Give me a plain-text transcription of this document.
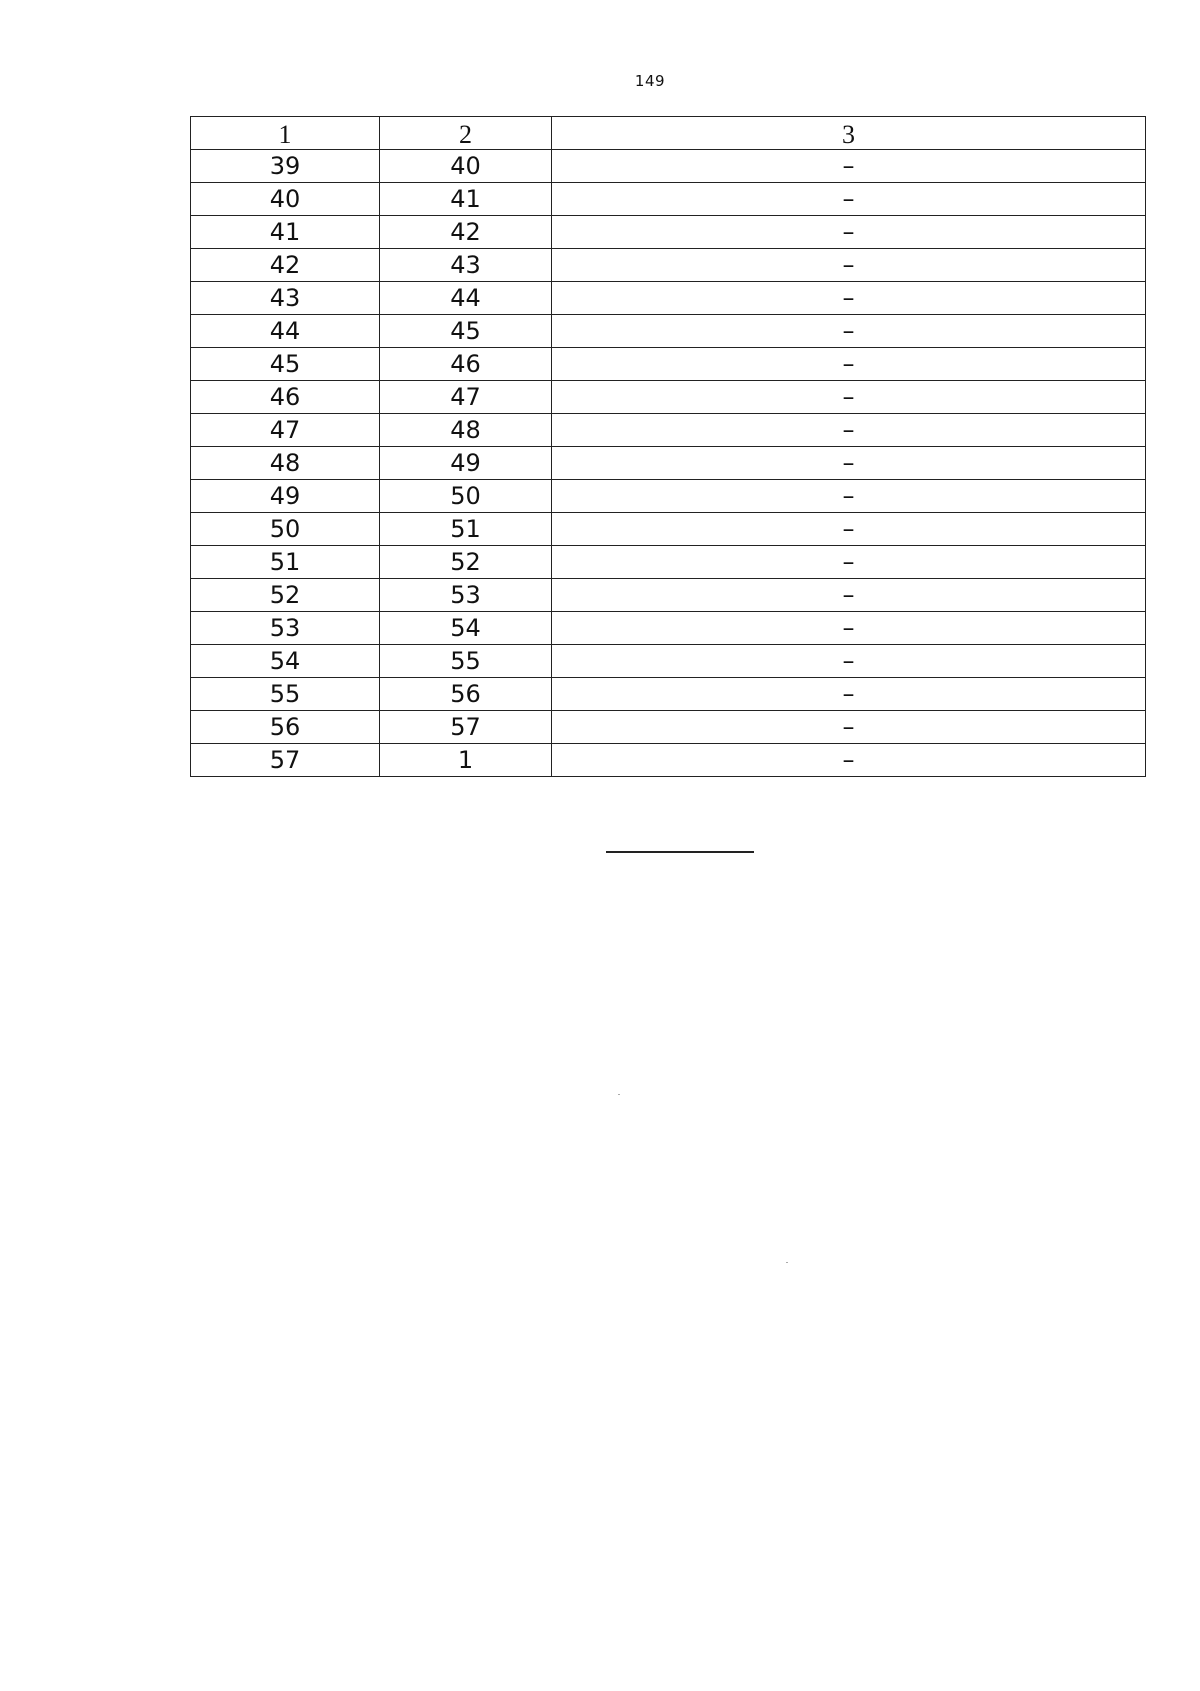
149
1	2	3
39	40	–
40	41	–
41	42	–
42	43	–
43	44	–
44	45	–
45	46	–
46	47	–
47	48	–
48	49	–
49	50	–
50	51	–
51	52	–
52	53	–
53	54	–
54	55	–
55	56	–
56	57	–
57	1	–
